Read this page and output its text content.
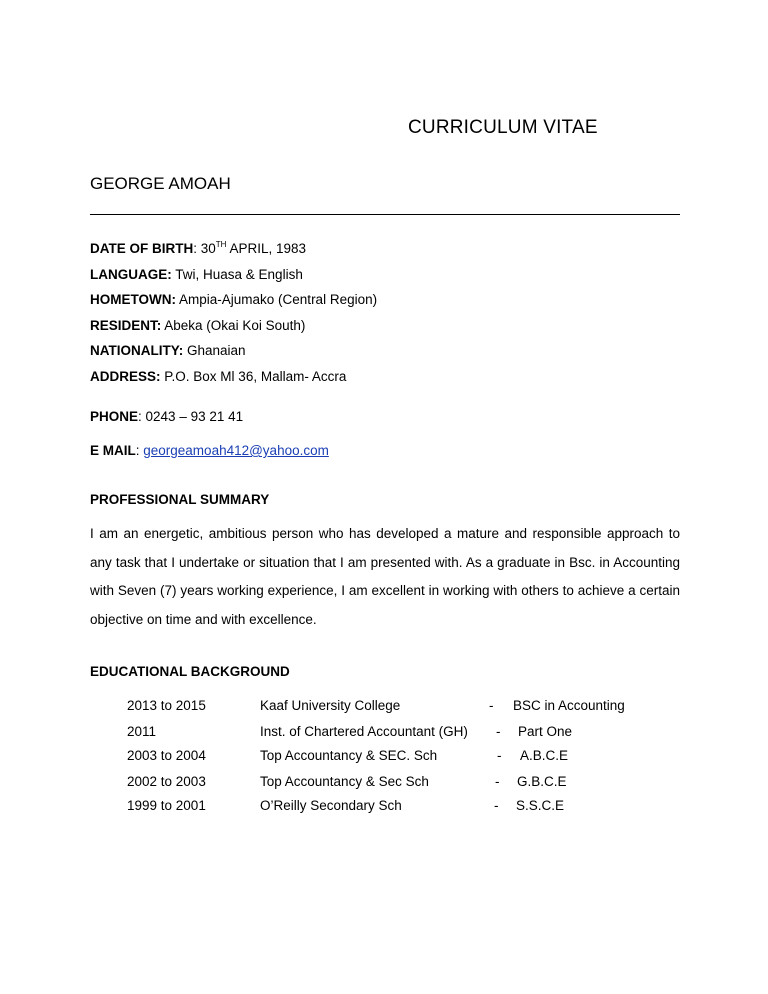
CURRICULUM VITAE
GEORGE AMOAH
DATE OF BIRTH: 30TH APRIL, 1983
LANGUAGE: Twi, Huasa & English
HOMETOWN: Ampia-Ajumako (Central Region)
RESIDENT: Abeka (Okai Koi South)
NATIONALITY: Ghanaian
ADDRESS: P.O. Box Ml 36, Mallam- Accra
PHONE: 0243 – 93 21 41
E MAIL: georgeamoah412@yahoo.com
PROFESSIONAL SUMMARY
I am an energetic, ambitious person who has developed a mature and responsible approach to any task that I undertake or situation that I am presented with. As a graduate in Bsc. in Accounting with Seven (7) years working experience, I am excellent in working with others to achieve a certain objective on time and with excellence.
EDUCATIONAL BACKGROUND
2013 to 2015	Kaaf University College	- BSC in Accounting
2011	Inst. of Chartered Accountant (GH) - Part One
2003 to 2004	Top Accountancy & SEC. Sch	- A.B.C.E
2002 to 2003	Top Accountancy & Sec Sch	- G.B.C.E
1999 to 2001	O’Reilly Secondary Sch	- S.S.C.E
